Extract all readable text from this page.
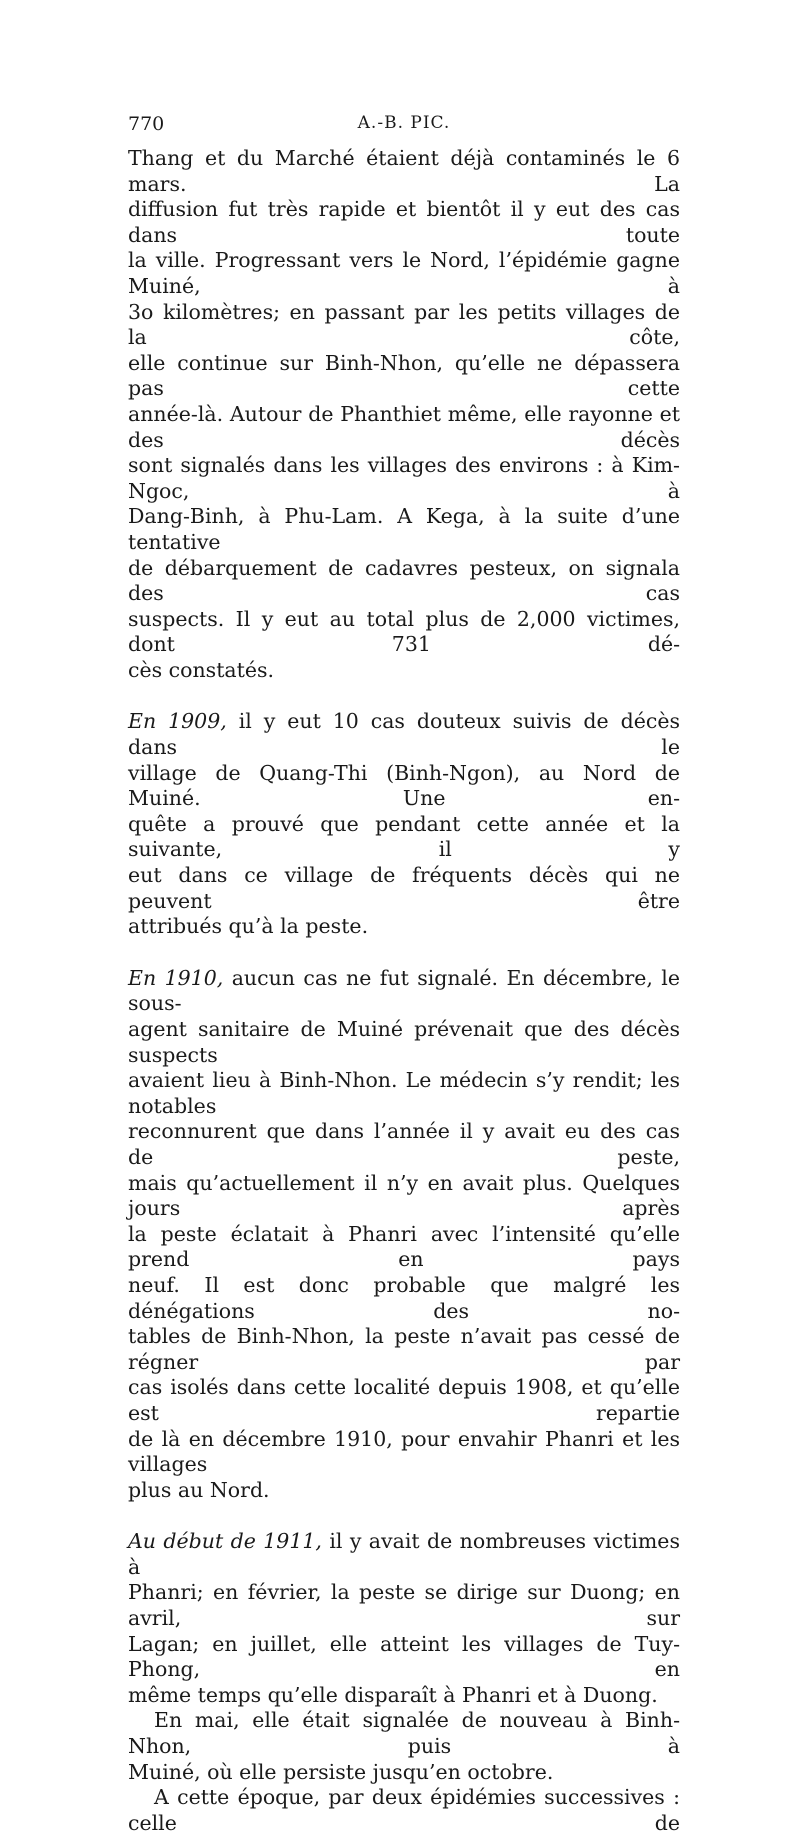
770	A.-B. PIC.

Thang et du Marché étaient déjà contaminés le 6 mars. La
diffusion fut très rapide et bientôt il y eut des cas dans toute
la ville. Progressant vers le Nord, l’épidémie gagne Muiné, à
3o kilomètres; en passant par les petits villages de la côte,
elle continue sur Binh-Nhon, qu’elle ne dépassera pas cette
année-là. Autour de Phanthiet même, elle rayonne et des décès
sont signalés dans les villages des environs : à Kim-Ngoc, à
Dang-Binh, à Phu-Lam. A Kega, à la suite d’une tentative
de débarquement de cadavres pesteux, on signala des cas
suspects. Il y eut au total plus de 2,000 victimes, dont 731 dé-

cès constatés.

En 1909, il y eut 10 cas douteux suivis de décès dans le
village de Quang-Thi (Binh-Ngon), au Nord de Muiné. Une en-
quête a prouvé que pendant cette année et la suivante, il y
eut dans ce village de fréquents décès qui ne peuvent être

attribués qu’à la peste.

En 1910, aucun cas ne fut signalé. En décembre, le sous-
agent sanitaire de Muiné prévenait que des décès suspects
avaient lieu à Binh-Nhon. Le médecin s’y rendit; les notables
reconnurent que dans l’année il y avait eu des cas de peste,
mais qu’actuellement il n’y en avait plus. Quelques jours après
la peste éclatait à Phanri avec l’intensité qu’elle prend en pays
neuf. Il est donc probable que malgré les dénégations des no-
tables de Binh-Nhon, la peste n’avait pas cessé de régner par
cas isolés dans cette localité depuis 1908, et qu’elle est repartie
de là en décembre 1910, pour envahir Phanri et les villages

plus au Nord.

Au début de 1911, il y avait de nombreuses victimes à
Phanri; en février, la peste se dirige sur Duong; en avril, sur
Lagan; en juillet, elle atteint les villages de Tuy-Phong, en

même temps qu’elle disparaît à Phanri et à Duong.

En mai, elle était signalée de nouveau à Binh-Nhon, puis à

Muiné, où elle persiste jusqu’en octobre.

A cette époque, par deux épidémies successives : celle de
